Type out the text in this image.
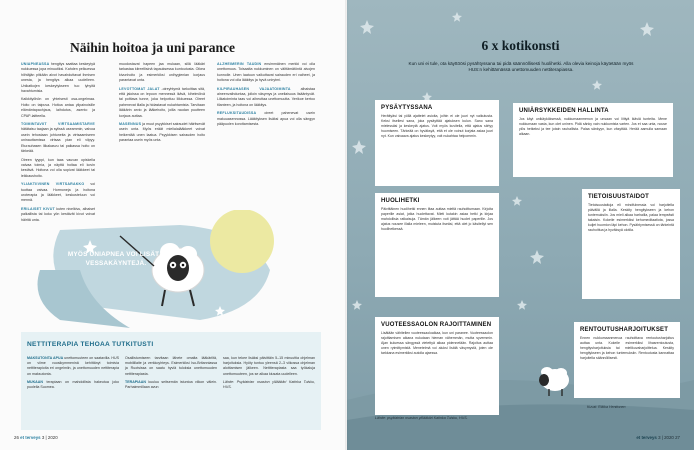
Näihin hoitoa ja uni parance

UNIAPNEASSA hengitys saattaa keskeytyä nukkuessa jopa minuutiksi. Kahden pelkuessa hiihtäjän pitkään alvot havahduttavat ihmisen unesta, ja hengitys alkaa uudelleen. Unikatkojen keskeytykseen tuo lyhyitä havahtumisia.

Kaikkityöhön on yhteisesti osa-ongelmaa. Hoito on taipuva. Hoitoa antaa ylipainoisille elämäntapaohjaus, laihdutus, asento ja CPAP-laitteella.

TOIMINTAVIIT VIRTSAAMISTARVE hätätaisu taajaan ja sylissä useammin, valvoa usein tehostaan johtuneita ja virtsaamiseen uninauttamissa virtsaa pian eli viipyy. Eturauhasen liikakasvu tai paikassa hoito on tärkeää.

Oireen tyyppi, kun taas vauvan opiskella vaivaa toimia, ja näyttä hoitaa eli kovin kestävä. Hoitona voi olla sopivat lääkkeet tai leikkaushoito.

YLIAKTIIVINEN VIRTSARAKKO voi tuottaa vaivaa. Hormoneja ja hoitona uroterapia ja lääkkeet, keskusteluun voi mennä.

ERILAISET KIVUT kuten nivelkivu, alhaiset palkallista tai koko yön kestävät kivut voivat häiritä unta.

muodostavat hapeen jaa mukaan, sillä lääkäri tarkastaa kiireellisinä tapauksessa kuntoutusta. Oikea kivunhoito ja esimerkiksi unihygienian korjaus parantavat unta.

LEVOTTOMAT JALAT -oireyhtymä tarkoittaa sitä, että jaloissa on lepoon mennessä ikävä, kihelmöivä tai polttava tunne, joka helpottuu liikkuessa. Oireet pahenevat illalla ja hidastavat nukahtamista. Tarvitaan lääkärin arvio ja lääkehoito, joilla raudan puutteen korjaus auttaa.

MASENNUS ja muut psyykkiset sairaudet häiritsevät usein unta. Myös eräät mielialalääkkeet voivat heikentää unen laatua. Psyykkisen sairauden hoito parantaa usein myös unta.

ALZHEIMERIN TAUDIN ensimmäinen merkki voi olla unettomuus. Toisaalta nukkuminen on välttämätöntä aivojen kunnolle. Unen laatuun vaikuttavat sairauden eri vaiheet, ja hoitona voi olla lääkitys ja hyvä unirytmi.

KILPIRAUHASEN VAJAATOIMINTA	alhaistaa aineenvaihduntaa, jolloin väsymys ja uneliaisuus lisääntyvät. Liikatoiminta taas voi aiheuttaa unettomuutta. Verikoe kertoo tilanteen, ja hoitona on lääkitys.

REFLUKSITAUDISSA oireet pahenevat usein makuuasennossa. Lääkityksen lisäksi apua voi olla sängyn pääpuolen korottamisesta.

MYÖS UNIAPNEA VOI LISÄTÄ VESSAKÄYNTEJÄ.
NETTITERAPIA TEHOAA TUTKITUSTI

MAKSUTONTA APUA unettomuuteen on saatavilla. HUS on viime vuosikymmeninä kehittänyt toimivia nettiterapioita eri ongelmiin, ja unettomuuden nettiterapia on maksutonta.

MUKAAN terapiaan on mahdollista hakeutua joko puolella Suomea.

Osallistumiseen tarvitaan lähete omalta lääkäriltä, mobiililaite ja verkkoyhteys. Esimerkiksi Iso-Britanniassa ja Ruotsissa on saatu hyviä tuloksia unettomuuden nettiterapiasta.

TERAPIAAN kuuluu seitsemän istuntoa viikon välein. Parhaimmillaan avun

saa, kun tekee lisäksi päivittäin 5–15 minuuttia ohjelman harjoituksia. Hyöty tuntuu yleensä 2–3 viikossa ohjelman aloittamisen jälkeen. Nettiterapiasta saa työkaluja unettomuuteen, jos se alkaa kiusata uudelleen.

Lähde: Psykiatrian osaston ylilääkäri Katinka Tuisku, HUS.

26 et terveys 3 | 2020
6 x kotikonsti
Kun uni ei tule, ota käyttöösi pysähtyssana tai pidä säännöllisesti huolihetki. Alla olevia keinoja käytetään myös HUS:n kehittämässä unettomuuden nettiterapiassa.
PYSÄYTYSSANA
Herättyäsi tai yöllä ajattelet asioita, joihin ei ole juuri nyt vaikutusta. Keksi itsellesi sana, joka pysäyttää ajatuksen kulun. Sano sana mielessäsi ja keskeytä ajatus. Voit myös kuvitella, että ajatus siirtyy huomiseen. Tärkeää on hyväksyä, että et ole voinut korjata asiaa juuri nyt. Kun vaivaava ajatus keskeytyy, voit nukahtaa helpommin.
UNIÄRSYKKEIDEN HALLINTA
Jos käyt unikäyköksessä, nukkumaanmenon ja unsaan voi liittyä ikäviä tunteita. Mene nukkumaan vasta, kun olet uninen. Pidä sänky vain nukkumista varten. Jos et saa unta, nouse ylös hetkeksi ja tee jotain rauhallista. Palaa sänkyyn, kun väsyttää. Herää aamulla samaan aikaan.
TIETOISUUSTAIDOT
Tietoisuustaitoja eli mindfulnessia voi harjoitella päivällä ja illalla. Keskity hengitykseen ja kehon tuntemuksiin. Jos mieli alkaa harhailla, palaa lempeästi takaisin. Kokeile esimerkiksi kehomeditaatiota, jossa kuljet huomion läpi kehon. Pysähtymisessä on tärkeintä rauhoittua ja hyväksyä olotila.
HUOLIHETKI
Päivittäinen huolihetki ennen iltaa auttaa mieltä rauhoittumaan. Kirjoita paperille asiat, jotka huolettavat. Mieti kutakin asiaa hetki ja kirjaa mahdollisia ratkaisuja. Tämän jälkeen voit jättää huolet paperille. Jos ajatus nousee illalla mieleen, muistuta itseäsi, että olet jo käsitellyt sen huolihetkessä.
VUOTEESSAOLON RAJOITTAMINEN
Lisätään vähitellen vuoteessaoloaikaa, kun uni paranee. Vuoteessaolon rajoittamisen aikana nukutaan hieman vähemmän, mutta syvemmin. Ajan kuluessa sängyssä vietettyä aikaa pidennetään. Rajoitus auttaa unen rytmittymistä. Menetelmä voi aluksi lisätä väsymystä, joten ole tarkkana esimerkiksi autolla ajaessa.
RENTOUTUSHARJOITUKSET
Ennen nukkumaanmenoa rauhoittava rentoutusharjoitus auttaa unta. Kokeile esimerkiksi lihasrentoutusta, hengitysharjoituksia tai mielikuvaharjoittelua. Keskity hengitykseen ja kehon tuntemuksiin. Rentoutusta kannattaa harjoitella säännöllisesti.
Kuvat: Riikka Henttonen
Lähde: psykiatrian osaston ylilääkäri Katinka Tuisku, HUS.
et terveys 3 | 2020 27
